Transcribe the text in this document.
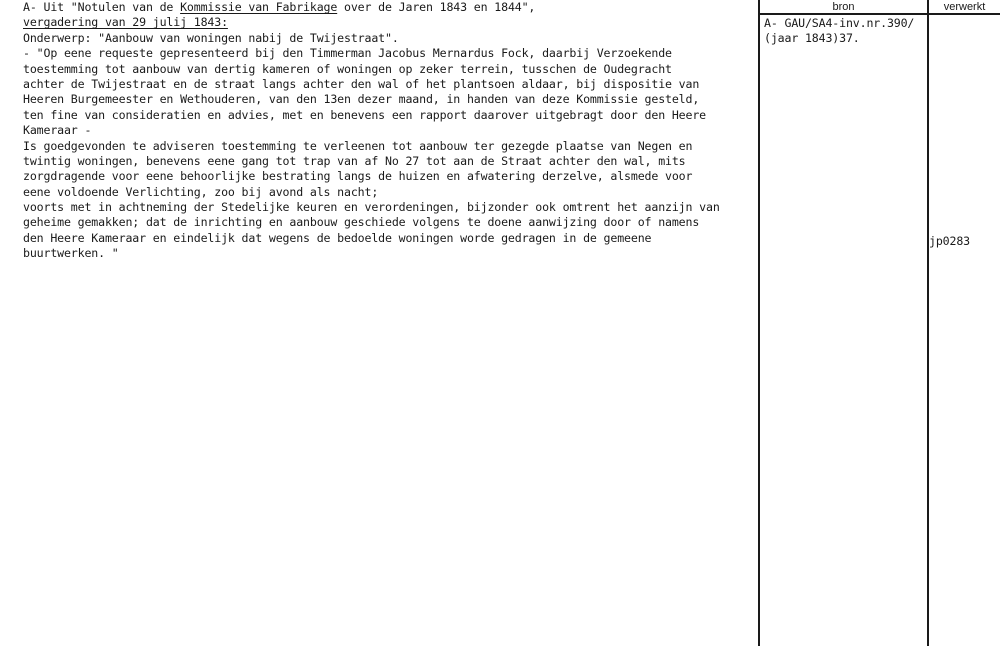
A- Uit "Notulen van de Kommissie van Fabrikage over de Jaren 1843 en 1844",
vergadering van 29 julij 1843:
Onderwerp: "Aanbouw van woningen nabij de Twijestraat".
- "Op eene requeste gepresenteerd bij den Timmerman Jacobus Mernardus Fock, daarbij Verzoekende
toestemming tot aanbouw van dertig kameren of woningen op zeker terrein, tusschen de Oudegracht
achter de Twijestraat en de straat langs achter den wal of het plantsoen aldaar, bij dispositie van
Heeren Burgemeester en Wethouderen, van den 13en dezer maand, in handen van deze Kommissie gesteld,
ten fine van consideratien en advies, met en benevens een rapport daarover uitgebragt door den Heere
Kameraar -
Is goedgevonden te adviseren toestemming te verleenen tot aanbouw ter gezegde plaatse van Negen en
twintig woningen, benevens eene gang tot trap van af No 27 tot aan de Straat achter den wal, mits
zorgdragende voor eene behoorlijke bestrating langs de huizen en afwatering derzelve, alsmede voor
eene voldoende Verlichting, zoo bij avond als nacht;
voorts met in achtneming der Stedelijke keuren en verordeningen, bijzonder ook omtrent het aanzijn van
geheime gemakken; dat de inrichting en aanbouw geschiede volgens te doene aanwijzing door of namens
den Heere Kameraar en eindelijk dat wegens de bedoelde woningen worde gedragen in de gemeene
buurtwerken. "
bron	verwerkt
A- GAU/SA4-inv.nr.390/
(jaar 1843)37.
jp0283
